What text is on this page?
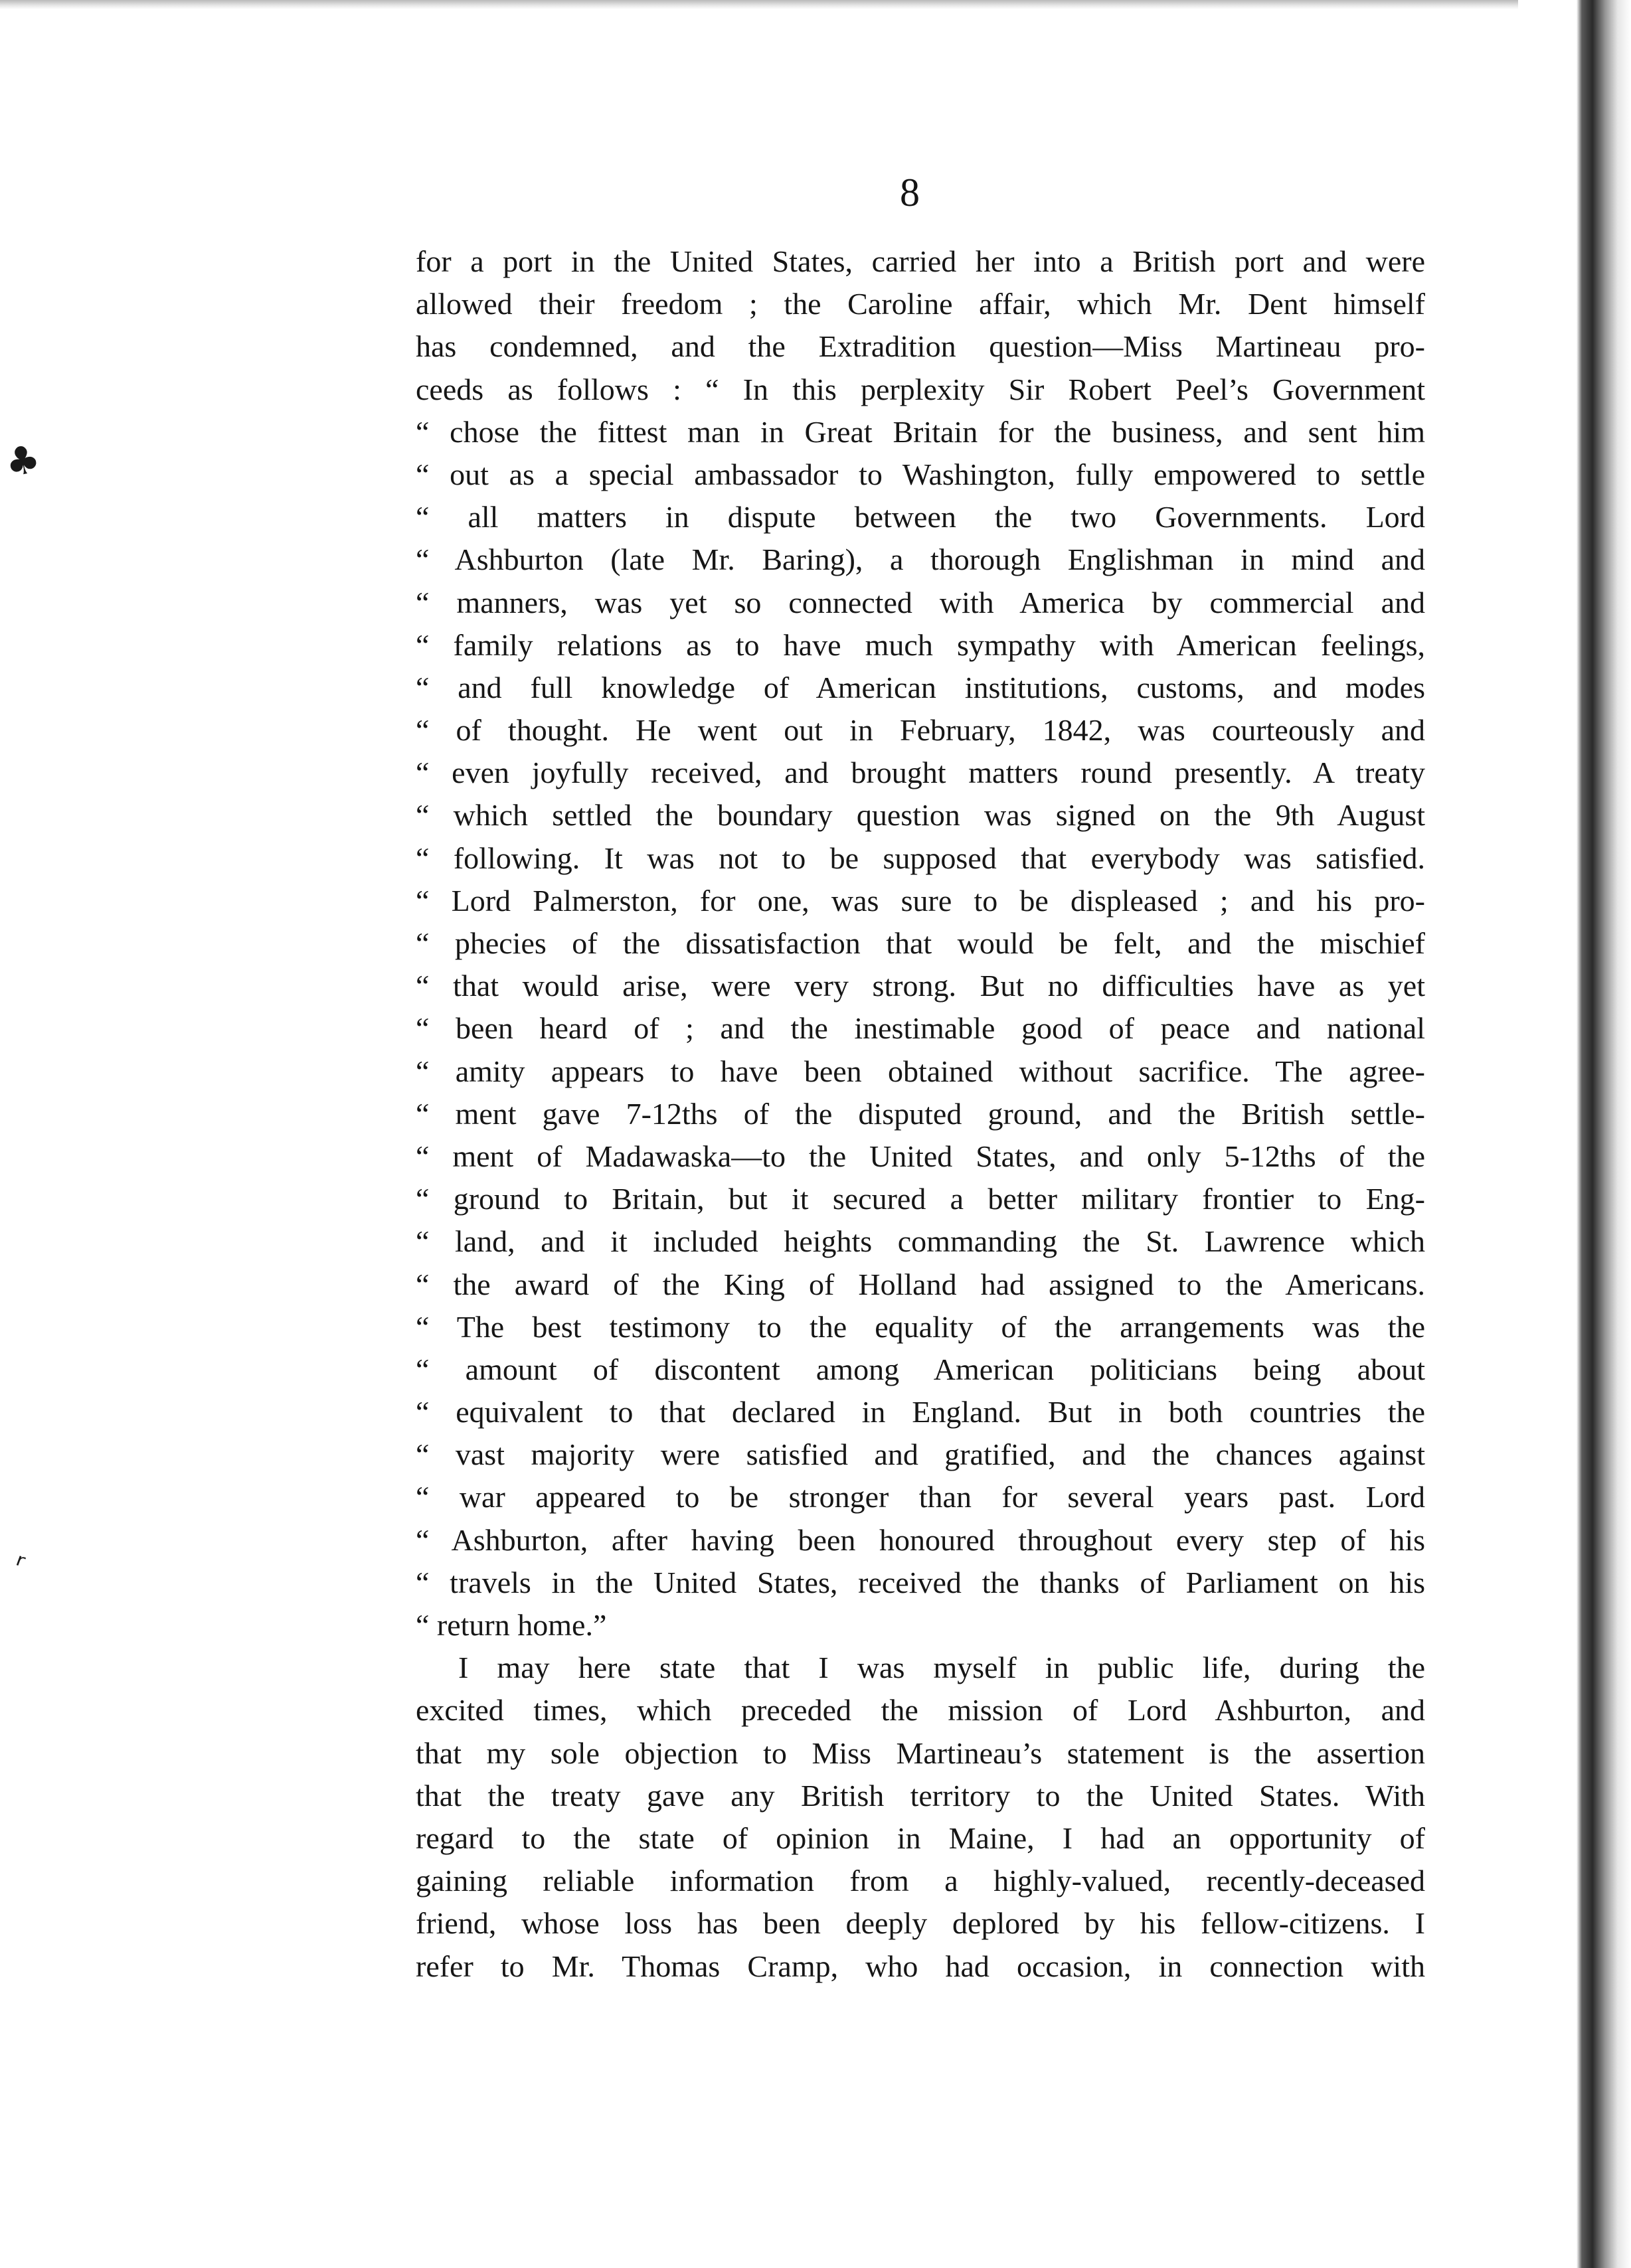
♣
ʳ
8
for a port in the United States, carried her into a British port and were
allowed their freedom ; the Caroline affair, which Mr. Dent himself
has condemned, and the Extradition question—Miss Martineau pro-
ceeds as follows : “ In this perplexity Sir Robert Peel’s Government
“ chose the fittest man in Great Britain for the business, and sent him
“ out as a special ambassador to Washington, fully empowered to settle
“ all matters in dispute between the two Governments. Lord
“ Ashburton (late Mr. Baring), a thorough Englishman in mind and
“ manners, was yet so connected with America by commercial and
“ family relations as to have much sympathy with American feelings,
“ and full knowledge of American institutions, customs, and modes
“ of thought. He went out in February, 1842, was courteously and
“ even joyfully received, and brought matters round presently. A treaty
“ which settled the boundary question was signed on the 9th August
“ following. It was not to be supposed that everybody was satisfied.
“ Lord Palmerston, for one, was sure to be displeased ; and his pro-
“ phecies of the dissatisfaction that would be felt, and the mischief
“ that would arise, were very strong. But no difficulties have as yet
“ been heard of ; and the inestimable good of peace and national
“ amity appears to have been obtained without sacrifice. The agree-
“ ment gave 7-12ths of the disputed ground, and the British settle-
“ ment of Madawaska—to the United States, and only 5-12ths of the
“ ground to Britain, but it secured a better military frontier to Eng-
“ land, and it included heights commanding the St. Lawrence which
“ the award of the King of Holland had assigned to the Americans.
“ The best testimony to the equality of the arrangements was the
“ amount of discontent among American politicians being about
“ equivalent to that declared in England. But in both countries the
“ vast majority were satisfied and gratified, and the chances against
“ war appeared to be stronger than for several years past. Lord
“ Ashburton, after having been honoured throughout every step of his
“ travels in the United States, received the thanks of Parliament on his
“ return home.”
I may here state that I was myself in public life, during the
excited times, which preceded the mission of Lord Ashburton, and
that my sole objection to Miss Martineau’s statement is the assertion
that the treaty gave any British territory to the United States. With
regard to the state of opinion in Maine, I had an opportunity of
gaining reliable information from a highly-valued, recently-deceased
friend, whose loss has been deeply deplored by his fellow-citizens. I
refer to Mr. Thomas Cramp, who had occasion, in connection with
